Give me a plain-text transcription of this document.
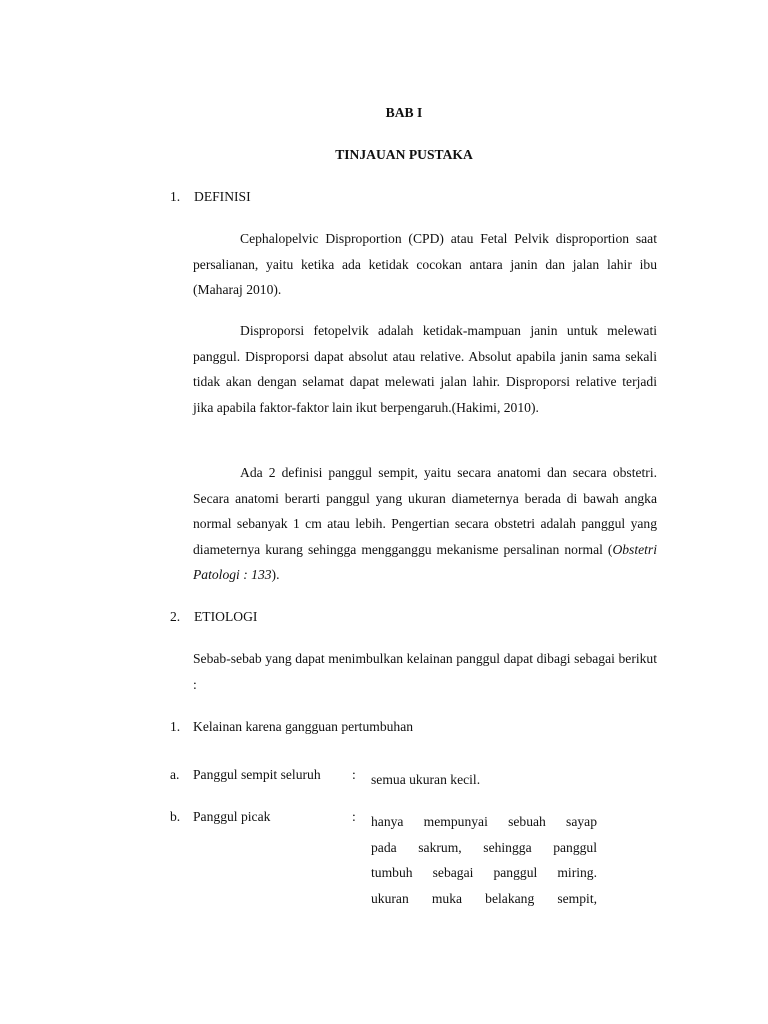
BAB I
TINJAUAN PUSTAKA
1. DEFINISI
Cephalopelvic Disproportion (CPD) atau Fetal Pelvik disproportion saat persalianan, yaitu ketika ada ketidak cocokan antara janin dan jalan lahir ibu (Maharaj 2010).
Disproporsi fetopelvik adalah ketidak-mampuan janin untuk melewati panggul. Disproporsi dapat absolut atau relative. Absolut apabila janin sama sekali tidak akan dengan selamat dapat melewati jalan lahir. Disproporsi relative terjadi jika apabila faktor-faktor lain ikut berpengaruh.(Hakimi, 2010).
Ada 2 definisi panggul sempit, yaitu secara anatomi dan secara obstetri. Secara anatomi berarti panggul yang ukuran diameternya berada di bawah angka normal sebanyak 1 cm atau lebih. Pengertian secara obstetri adalah panggul yang diameternya kurang sehingga mengganggu mekanisme persalinan normal (Obstetri Patologi : 133).
2. ETIOLOGI
Sebab-sebab yang dapat menimbulkan kelainan panggul dapat dibagi sebagai berikut :
1. Kelainan karena gangguan pertumbuhan
a. Panggul sempit seluruh : semua ukuran kecil.
b. Panggul picak	: hanya mempunyai sebuah sayap
pada sakrum, sehingga panggul
tumbuh sebagai panggul miring.
ukuran muka belakang sempit,
